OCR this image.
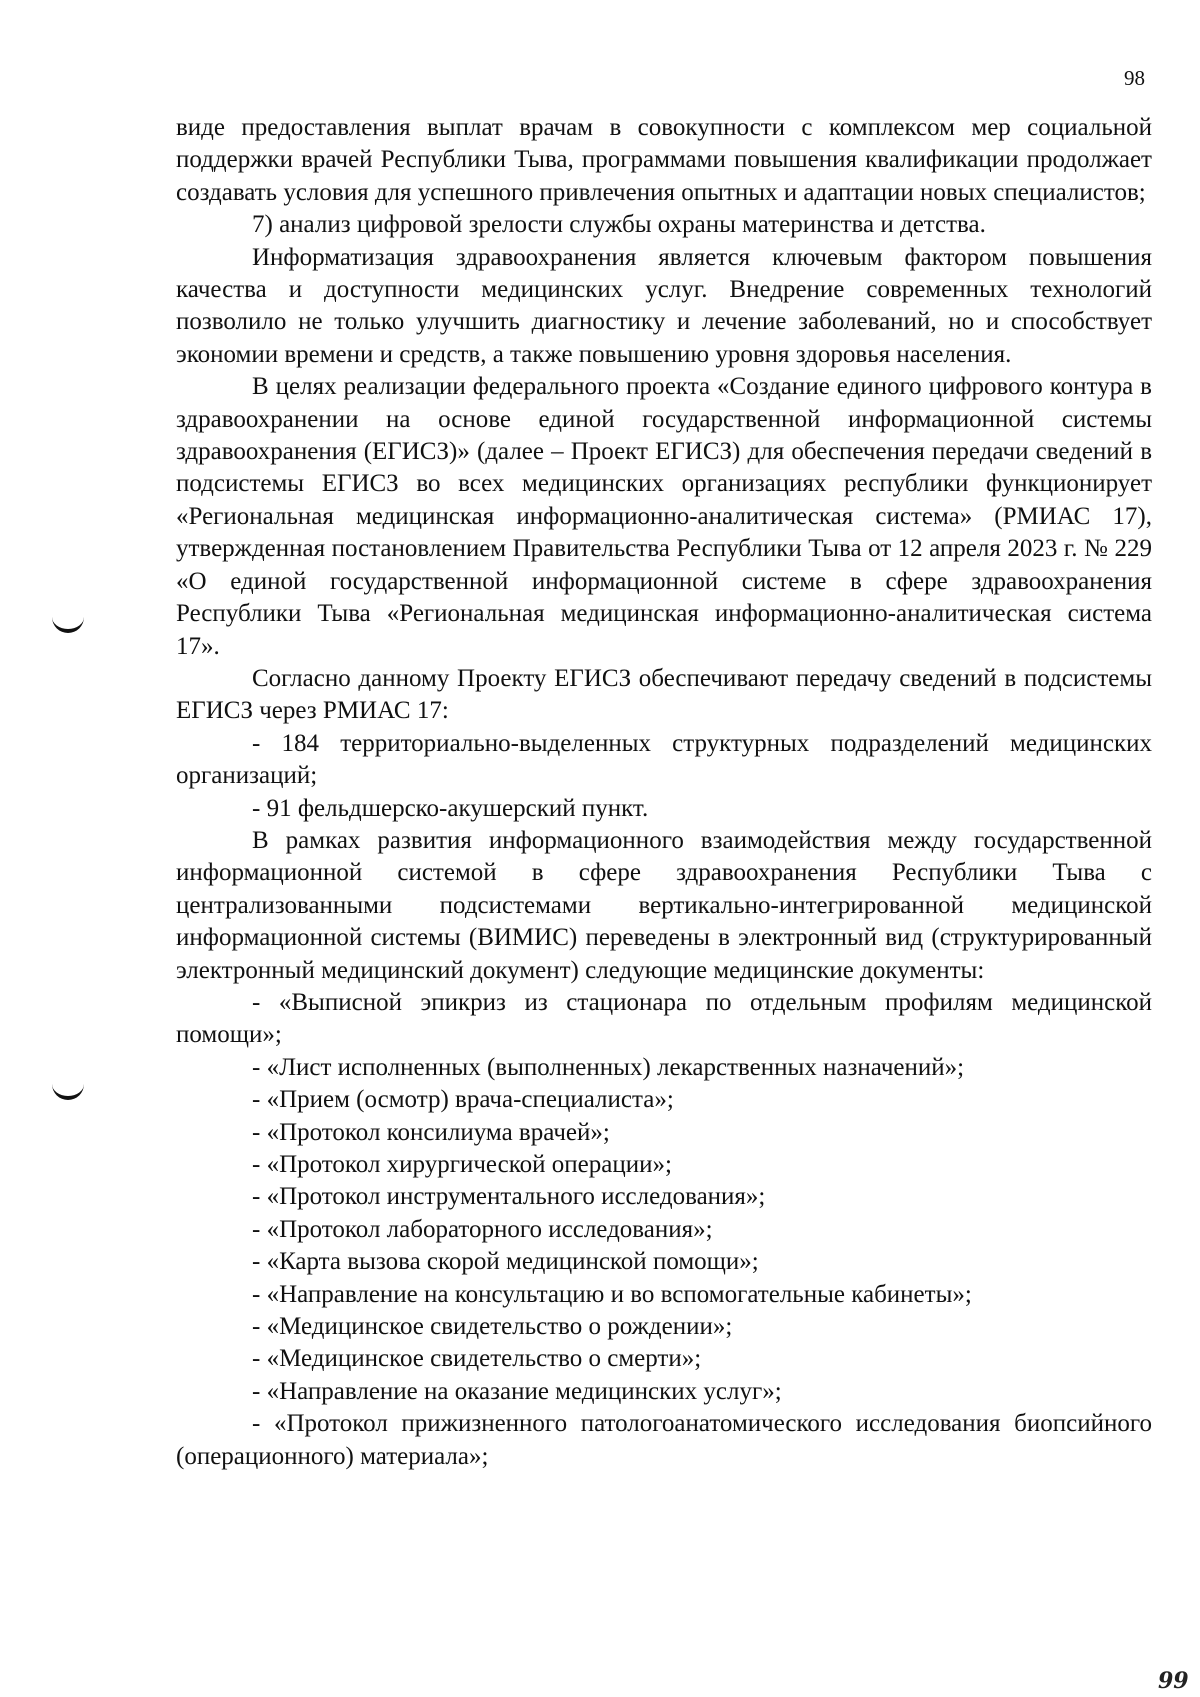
98

виде предоставления выплат врачам в совокупности с комплексом мер социальной поддержки врачей Республики Тыва, программами повышения квалификации продолжает создавать условия для успешного привлечения опытных и адаптации новых специалистов;

7) анализ цифровой зрелости службы охраны материнства и детства.

Информатизация здравоохранения является ключевым фактором повышения качества и доступности медицинских услуг. Внедрение современных технологий позволило не только улучшить диагностику и лечение заболеваний, но и способствует экономии времени и средств, а также повышению уровня здоровья населения.

В целях реализации федерального проекта «Создание единого цифрового контура в здравоохранении на основе единой государственной информационной системы здравоохранения (ЕГИСЗ)» (далее – Проект ЕГИСЗ) для обеспечения передачи сведений в подсистемы ЕГИСЗ во всех медицинских организациях республики функционирует «Региональная медицинская информационно-аналитическая система» (РМИАС 17), утвержденная постановлением Правительства Республики Тыва от 12 апреля 2023 г. № 229 «О единой государственной информационной системе в сфере здравоохранения Республики Тыва «Региональная медицинская информационно-аналитическая система 17».

Согласно данному Проекту ЕГИСЗ обеспечивают передачу сведений в подсистемы ЕГИСЗ через РМИАС 17:

- 184 территориально-выделенных структурных подразделений медицинских организаций;

- 91 фельдшерско-акушерский пункт.

В рамках развития информационного взаимодействия между государственной информационной системой в сфере здравоохранения Республики Тыва с централизованными подсистемами вертикально-интегрированной медицинской информационной системы (ВИМИС) переведены в электронный вид (структурированный электронный медицинский документ) следующие медицинские документы:

- «Выписной эпикриз из стационара по отдельным профилям медицинской помощи»;

- «Лист исполненных (выполненных) лекарственных назначений»;

- «Прием (осмотр) врача-специалиста»;

- «Протокол консилиума врачей»;

- «Протокол хирургической операции»;

- «Протокол инструментального исследования»;

- «Протокол лабораторного исследования»;

- «Карта вызова скорой медицинской помощи»;

- «Направление на консультацию и во вспомогательные кабинеты»;

- «Медицинское свидетельство о рождении»;

- «Медицинское свидетельство о смерти»;

- «Направление на оказание медицинских услуг»;

- «Протокол прижизненного патологоанатомического исследования биопсийного (операционного) материала»;

99
